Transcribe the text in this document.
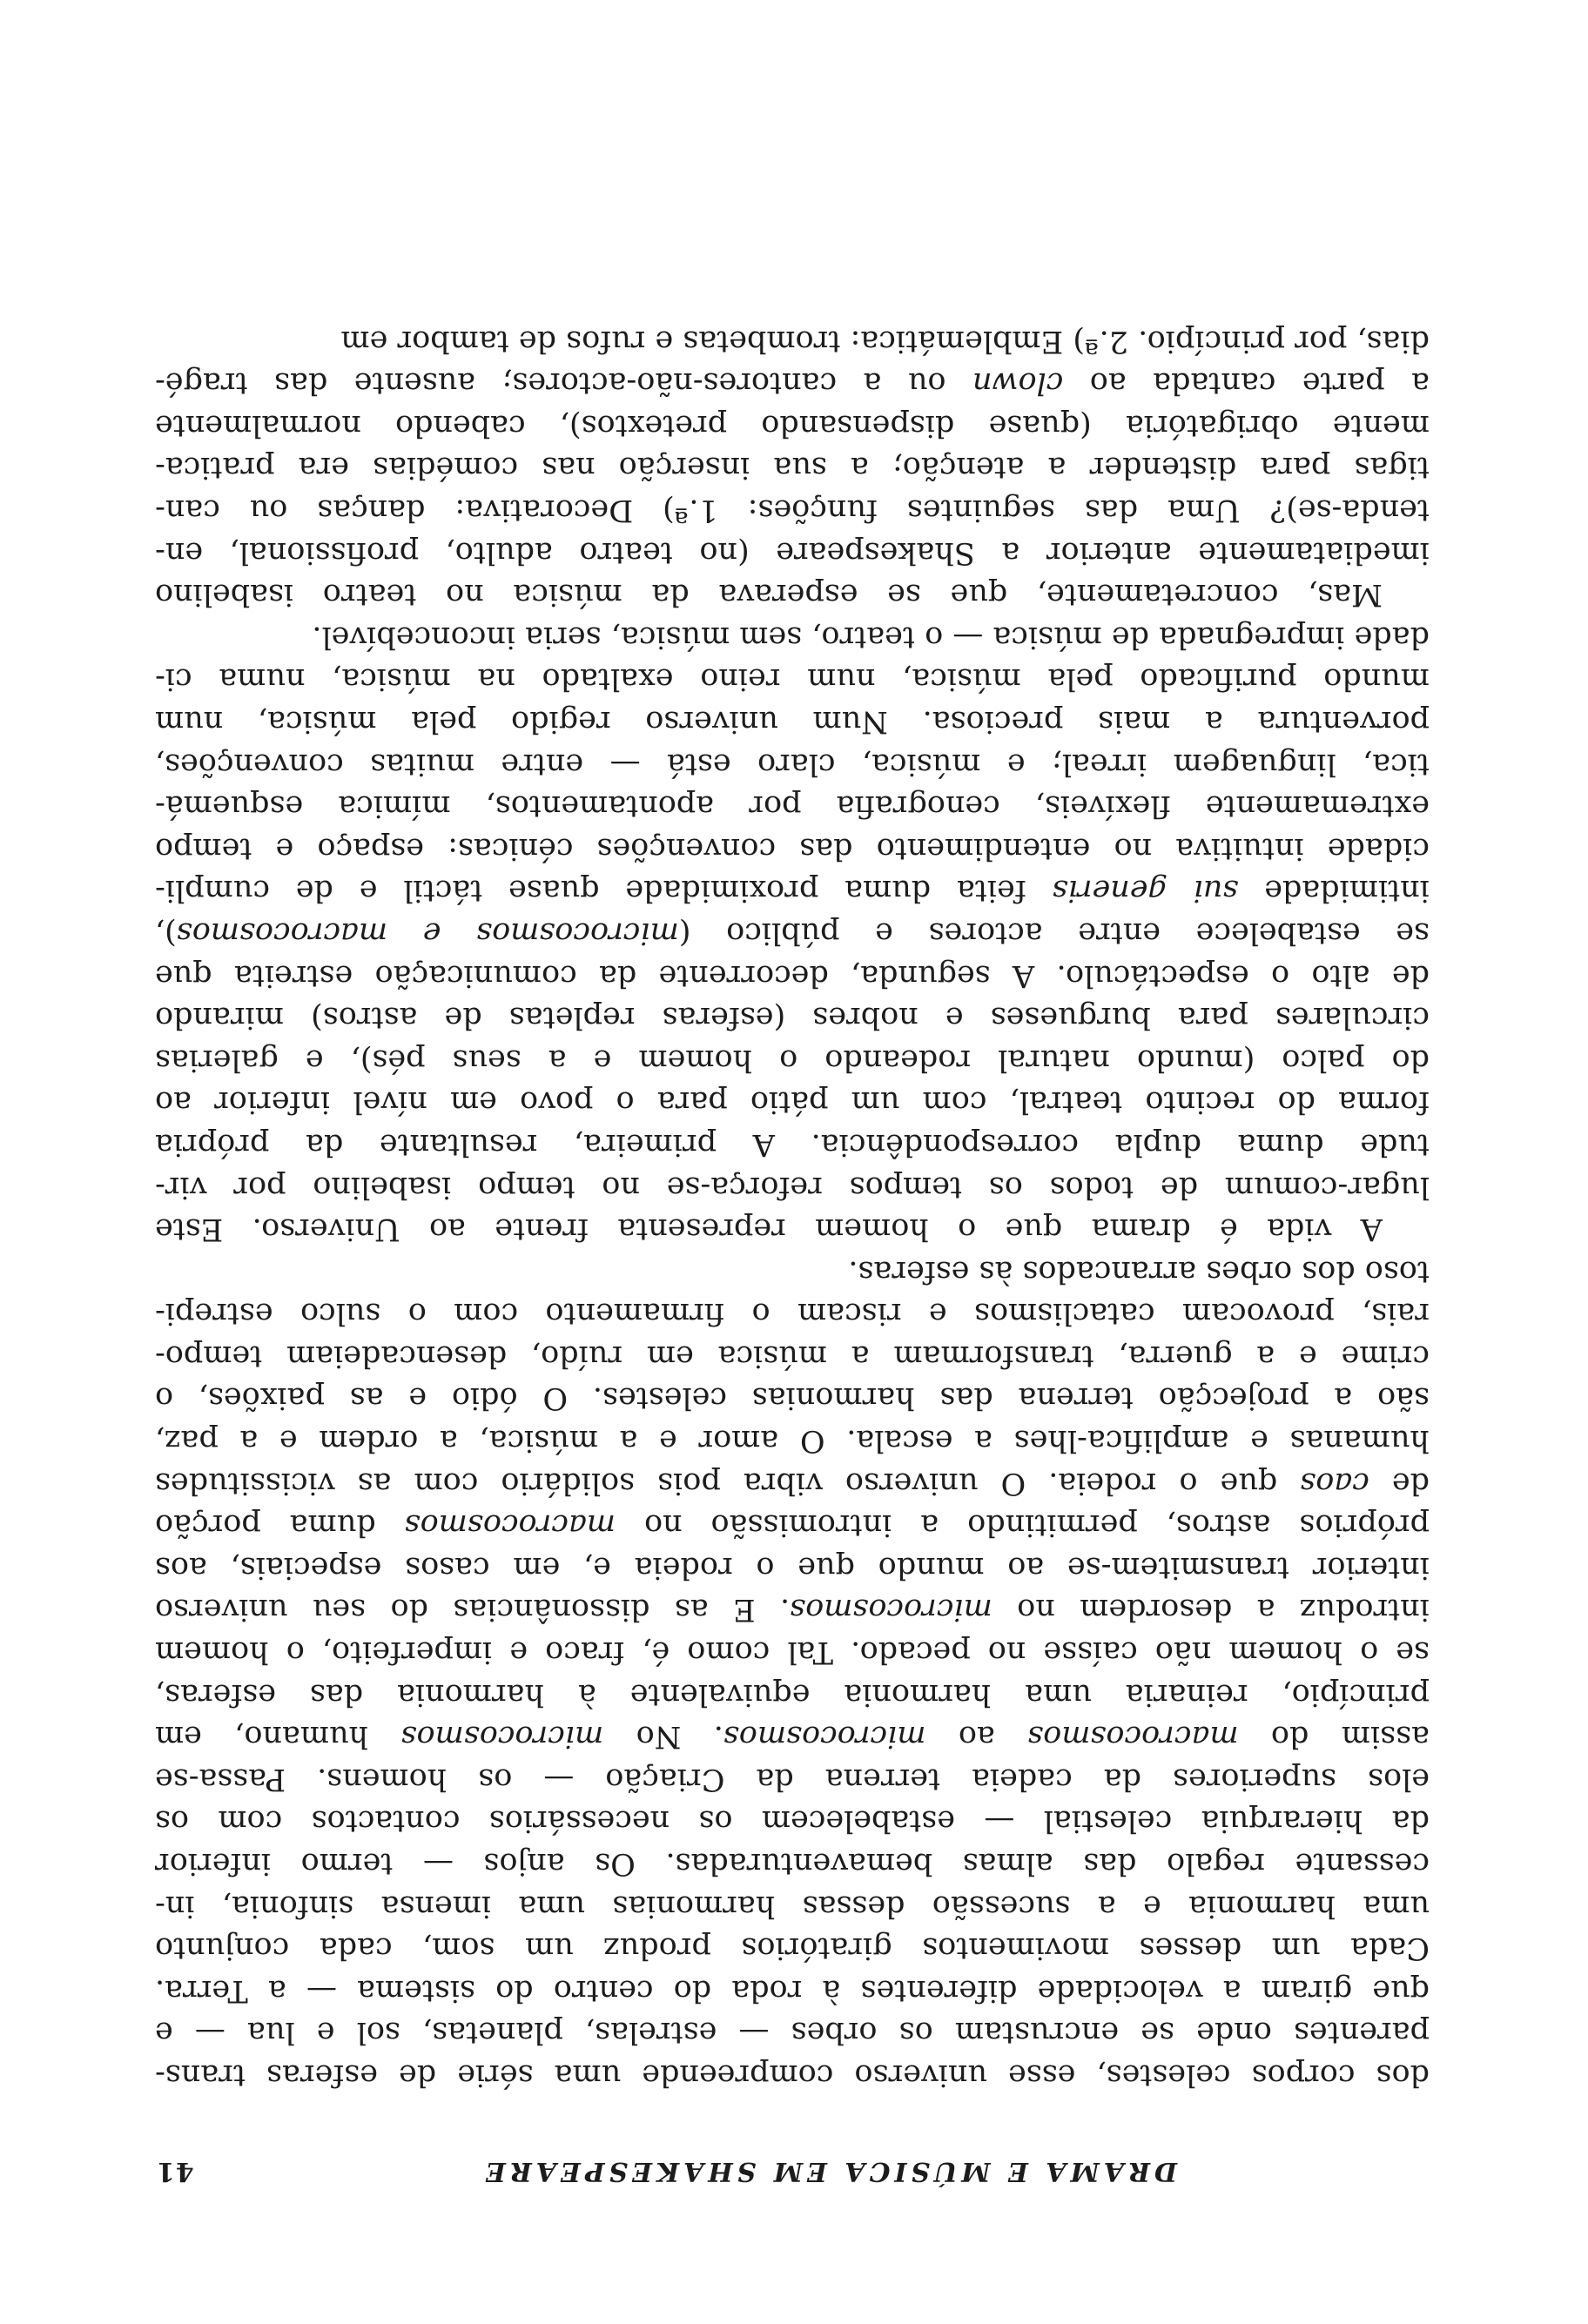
DRAMA E MÚSICA EM SHAKESPEARE
41
dos corpos celestes, esse universo compreende uma série de esferas trans-
parentes onde se encrustam os orbes — estrelas, planetas, sol e lua — e
que giram a velocidade diferentes à roda do centro do sistema — a Terra.
Cada um desses movimentos giratórios produz um som, cada conjunto
uma harmonia e a sucessão dessas harmonias uma imensa sinfonia, in-
cessante regalo das almas bemaventuradas. Os anjos — termo inferior
da hierarquia celestial — estabelecem os necessários contactos com os
elos superiores da cadeia terrena da Criação — os homens. Passa-se
assim do macrocosmos ao microcosmos. No microcosmos humano, em
princípio, reinaria uma harmonia equivalente à harmonia das esferas,
se o homem não caísse no pecado. Tal como é, fraco e imperfeito, o homem
introduz a desordem no microcosmos. E as dissonâncias do seu universo
interior transmitem-se ao mundo que o rodeia e, em casos especiais, aos
próprios astros, permitindo a intromissão no macrocosmos duma porção
de caos que o rodeia. O universo vibra pois solidário com as vicissitudes
humanas e amplifica-lhes a escala. O amor e a música, a ordem e a paz,
são a projecção terrena das harmonias celestes. O ódio e as paixões, o
crime e a guerra, transformam a música em ruído, desencadeiam tempo-
rais, provocam cataclismos e riscam o firmamento com o sulco estrepi-
toso dos orbes arrancados às esferas.
A vida é drama que o homem representa frente ao Universo. Este
lugar-comum de todos os tempos reforça-se no tempo isabelino por vir-
tude duma dupla correspondência. A primeira, resultante da própria
forma do recinto teatral, com um pátio para o povo em nível inferior ao
do palco (mundo natural rodeando o homem e a seus pés), e galerias
circulares para burgueses e nobres (esferas repletas de astros) mirando
de alto o espectáculo. A segunda, decorrente da comunicação estreita que
se estabelece entre actores e público (microcosmos e macrocosmos),
intimidade sui generis feita duma proximidade quase táctil e de cumpli-
cidade intuitiva no entendimento das convenções cénicas: espaço e tempo
extremamente flexíveis, cenografia por apontamentos, mímica esquemá-
tica, linguagem irreal; e música, claro está — entre muitas convenções,
porventura a mais preciosa. Num universo regido pela música, num
mundo purificado pela música, num reino exaltado na música, numa ci-
dade impregnada de música — o teatro, sem música, seria inconcebível.
Mas, concretamente, que se esperava da música no teatro isabelino
imediatamente anterior a Shakespeare (no teatro adulto, profissional, en-
tenda-se)? Uma das seguintes funções: 1.ª) Decorativa: danças ou can-
tigas para distender a atenção; a sua inserção nas comédias era pratica-
mente obrigatória (quase dispensando pretextos), cabendo normalmente
a parte cantada ao clown ou a cantores-não-actores; ausente das tragé-
dias, por princípio. 2.ª) Emblemática: trombetas e rufos de tambor em
